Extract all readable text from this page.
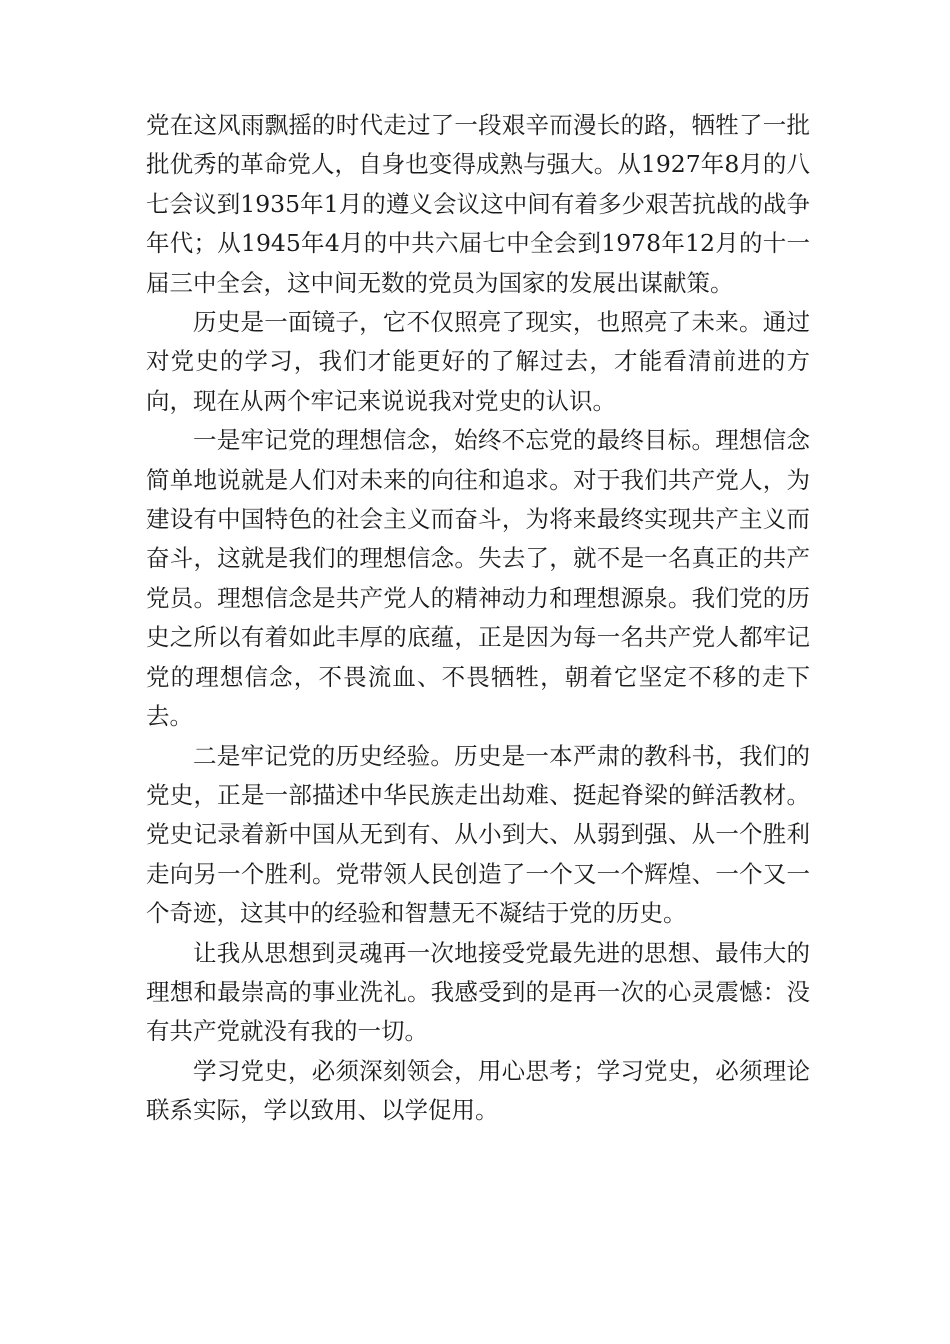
党在这风雨飘摇的时代走过了一段艰辛而漫长的路，牺牲了一批批优秀的革命党人，自身也变得成熟与强大。从1927年8月的八七会议到1935年1月的遵义会议这中间有着多少艰苦抗战的战争年代；从1945年4月的中共六届七中全会到1978年12月的十一届三中全会，这中间无数的党员为国家的发展出谋献策。

历史是一面镜子，它不仅照亮了现实，也照亮了未来。通过对党史的学习，我们才能更好的了解过去，才能看清前进的方向，现在从两个牢记来说说我对党史的认识。

一是牢记党的理想信念，始终不忘党的最终目标。理想信念简单地说就是人们对未来的向往和追求。对于我们共产党人，为建设有中国特色的社会主义而奋斗，为将来最终实现共产主义而奋斗，这就是我们的理想信念。失去了，就不是一名真正的共产党员。理想信念是共产党人的精神动力和理想源泉。我们党的历史之所以有着如此丰厚的底蕴，正是因为每一名共产党人都牢记党的理想信念，不畏流血、不畏牺牲，朝着它坚定不移的走下去。

二是牢记党的历史经验。历史是一本严肃的教科书，我们的党史，正是一部描述中华民族走出劫难、挺起脊梁的鲜活教材。党史记录着新中国从无到有、从小到大、从弱到强、从一个胜利走向另一个胜利。党带领人民创造了一个又一个辉煌、一个又一个奇迹，这其中的经验和智慧无不凝结于党的历史。

让我从思想到灵魂再一次地接受党最先进的思想、最伟大的理想和最崇高的事业洗礼。我感受到的是再一次的心灵震憾：没有共产党就没有我的一切。

学习党史，必须深刻领会，用心思考；学习党史，必须理论联系实际，学以致用、以学促用。
